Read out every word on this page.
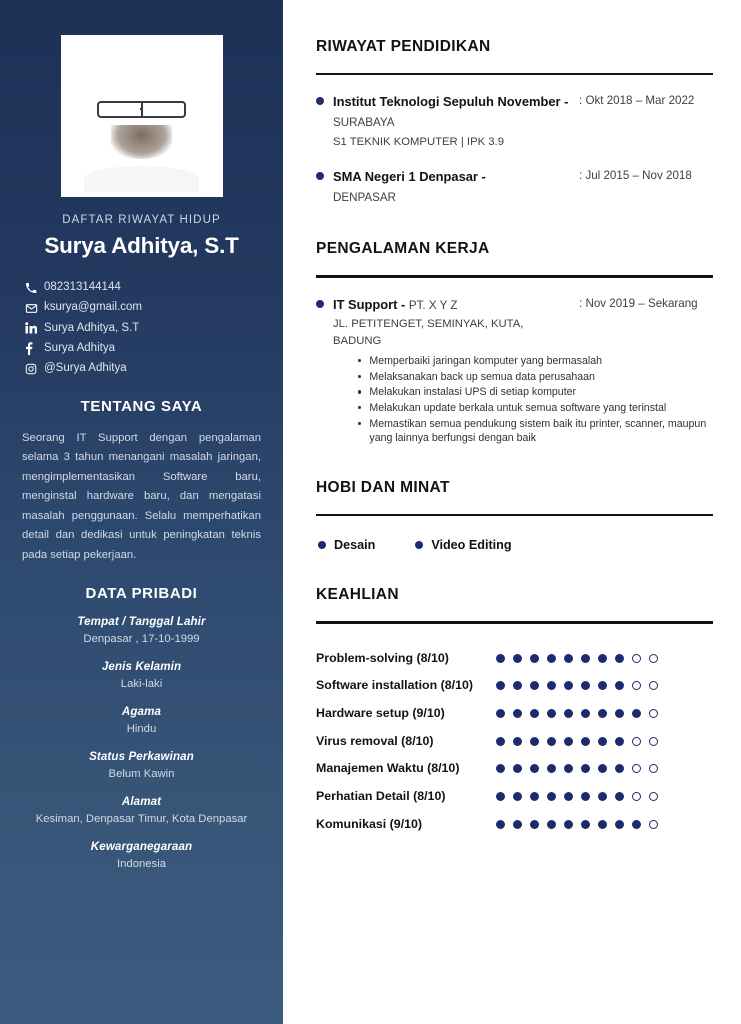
DAFTAR RIWAYAT HIDUP
Surya Adhitya, S.T
082313144144
ksurya@gmail.com
Surya Adhitya, S.T
Surya Adhitya
@Surya Adhitya
TENTANG SAYA

Seorang IT Support dengan pengalaman selama 3 tahun menangani masalah jaringan, mengimplementasikan Software baru, menginstal hardware baru, dan mengatasi masalah penggunaan. Selalu memperhatikan detail dan dedikasi untuk peningkatan teknis pada setiap pekerjaan.

DATA PRIBADI
Tempat / Tanggal Lahir
Denpasar , 17-10-1999
Jenis Kelamin
Laki-laki
Agama
Hindu
Status Perkawinan
Belum Kawin
Alamat
Kesiman, Denpasar Timur, Kota Denpasar
Kewarganegaraan
Indonesia
RIWAYAT PENDIDIKAN
Institut Teknologi Sepuluh November - SURABAYA
S1 TEKNIK KOMPUTER | IPK 3.9
: Okt 2018 – Mar 2022
SMA Negeri 1 Denpasar -
DENPASAR
: Jul 2015 – Nov 2018
PENGALAMAN KERJA
IT Support - PT. X Y Z
JL. PETITENGET, SEMINYAK, KUTA, BADUNG
: Nov 2019 – Sekarang
Memperbaiki jaringan komputer yang bermasalah
Melaksanakan back up semua data perusahaan
Melakukan instalasi UPS di setiap komputer
Melakukan update berkala untuk semua software yang terinstal
Memastikan semua pendukung sistem baik itu printer, scanner, maupun yang lainnya berfungsi dengan baik
HOBI DAN MINAT
Desain	Video Editing
KEAHLIAN
Problem-solving (8/10)
Software installation (8/10)
Hardware setup (9/10)
Virus removal (8/10)
Manajemen Waktu (8/10)
Perhatian Detail (8/10)
Komunikasi (9/10)
